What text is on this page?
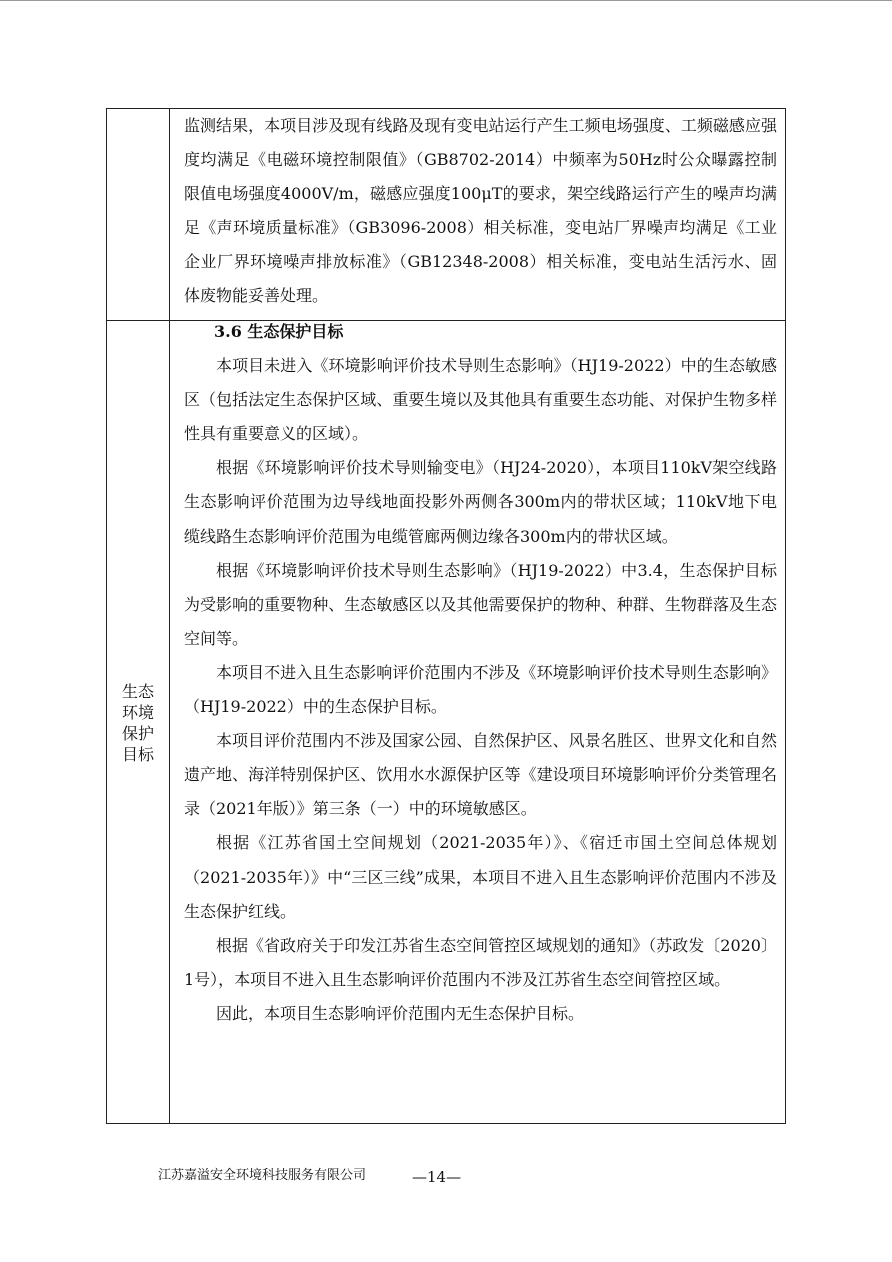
监测结果，本项目涉及现有线路及现有变电站运行产生工频电场强度、工频磁感应强度均满足《电磁环境控制限值》（GB8702-2014）中频率为50Hz时公众曝露控制限值电场强度4000V/m，磁感应强度100μT的要求，架空线路运行产生的噪声均满足《声环境质量标准》（GB3096-2008）相关标准，变电站厂界噪声均满足《工业企业厂界环境噪声排放标准》（GB12348-2008）相关标准，变电站生活污水、固体废物能妥善处理。

生态
环境
保护
目标

3.6 生态保护目标

本项目未进入《环境影响评价技术导则生态影响》（HJ19-2022）中的生态敏感区（包括法定生态保护区域、重要生境以及其他具有重要生态功能、对保护生物多样性具有重要意义的区域）。

根据《环境影响评价技术导则输变电》（HJ24-2020），本项目110kV架空线路生态影响评价范围为边导线地面投影外两侧各300m内的带状区域；110kV地下电缆线路生态影响评价范围为电缆管廊两侧边缘各300m内的带状区域。

根据《环境影响评价技术导则生态影响》（HJ19-2022）中3.4，生态保护目标为受影响的重要物种、生态敏感区以及其他需要保护的物种、种群、生物群落及生态空间等。

本项目不进入且生态影响评价范围内不涉及《环境影响评价技术导则生态影响》（HJ19-2022）中的生态保护目标。

本项目评价范围内不涉及国家公园、自然保护区、风景名胜区、世界文化和自然遗产地、海洋特别保护区、饮用水水源保护区等《建设项目环境影响评价分类管理名录（2021年版）》第三条（一）中的环境敏感区。

根据《江苏省国土空间规划（2021-2035年）》、《宿迁市国土空间总体规划（2021-2035年）》中“三区三线”成果，本项目不进入且生态影响评价范围内不涉及生态保护红线。

根据《省政府关于印发江苏省生态空间管控区域规划的通知》（苏政发〔2020〕1号），本项目不进入且生态影响评价范围内不涉及江苏省生态空间管控区域。

因此，本项目生态影响评价范围内无生态保护目标。

江苏嘉溢安全环境科技服务有限公司	—14—
